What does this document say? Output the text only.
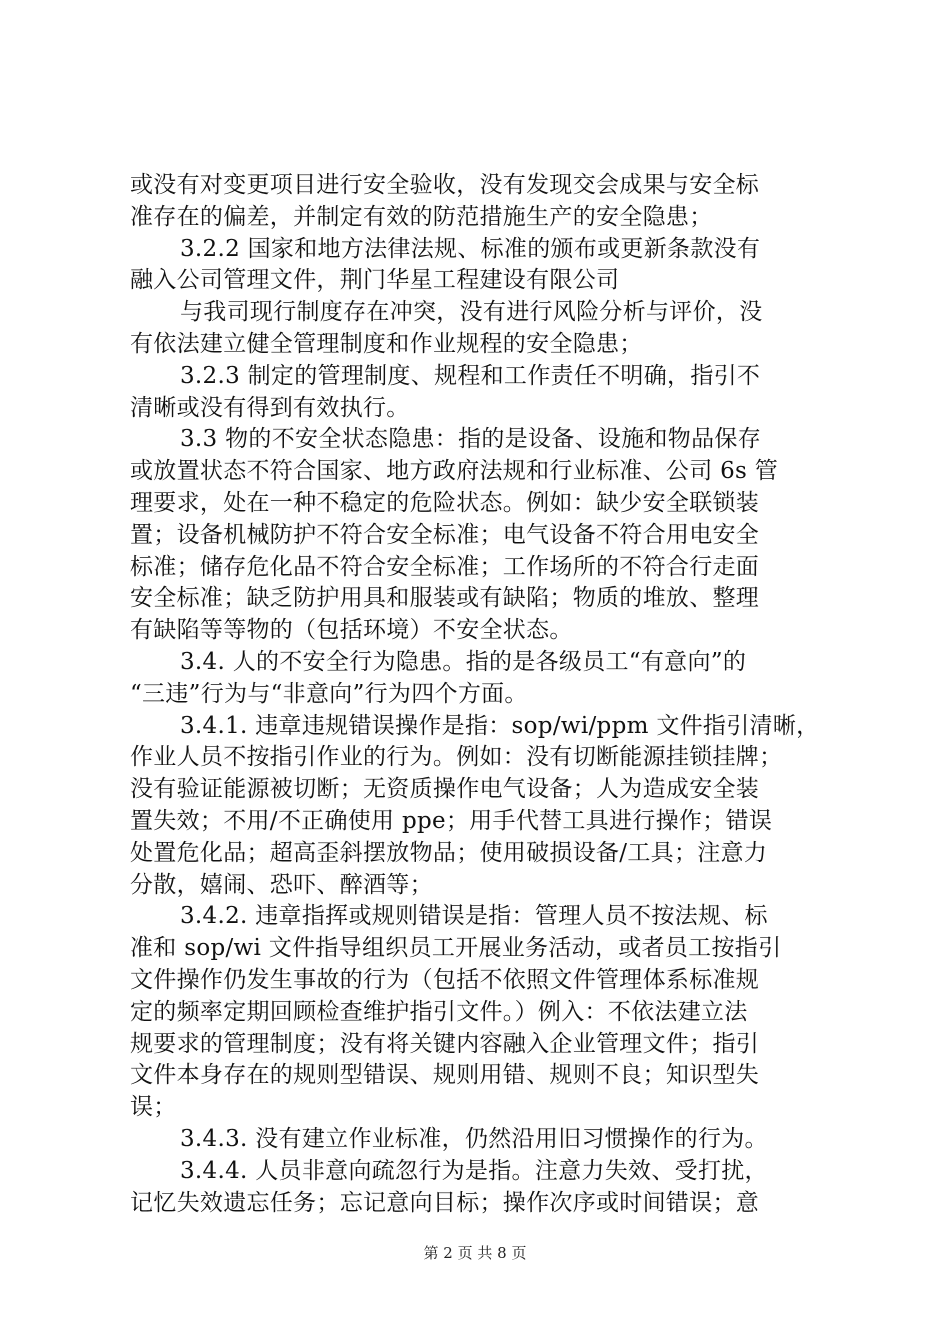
或没有对变更项目进行安全验收，没有发现交会成果与安全标
准存在的偏差，并制定有效的防范措施生产的安全隐患；
3.2.2 国家和地方法律法规、标准的颁布或更新条款没有
融入公司管理文件，荆门华星工程建设有限公司
与我司现行制度存在冲突，没有进行风险分析与评价，没
有依法建立健全管理制度和作业规程的安全隐患；
3.2.3 制定的管理制度、规程和工作责任不明确，指引不
清晰或没有得到有效执行。
3.3 物的不安全状态隐患：指的是设备、设施和物品保存
或放置状态不符合国家、地方政府法规和行业标准、公司 6s 管
理要求，处在一种不稳定的危险状态。例如：缺少安全联锁装
置；设备机械防护不符合安全标准；电气设备不符合用电安全
标准；储存危化品不符合安全标准；工作场所的不符合行走面
安全标准；缺乏防护用具和服装或有缺陷；物质的堆放、整理
有缺陷等等物的（包括环境）不安全状态。
3.4. 人的不安全行为隐患。指的是各级员工“有意向”的
“三违”行为与“非意向”行为四个方面。
3.4.1. 违章违规错误操作是指：sop/wi/ppm 文件指引清晰，
作业人员不按指引作业的行为。例如：没有切断能源挂锁挂牌；
没有验证能源被切断；无资质操作电气设备；人为造成安全装
置失效；不用/不正确使用 ppe；用手代替工具进行操作；错误
处置危化品；超高歪斜摆放物品；使用破损设备/工具；注意力
分散，嬉闹、恐吓、醉酒等；
3.4.2. 违章指挥或规则错误是指：管理人员不按法规、标
准和 sop/wi 文件指导组织员工开展业务活动，或者员工按指引
文件操作仍发生事故的行为（包括不依照文件管理体系标准规
定的频率定期回顾检查维护指引文件。）例入：不依法建立法
规要求的管理制度；没有将关键内容融入企业管理文件；指引
文件本身存在的规则型错误、规则用错、规则不良；知识型失
误；
3.4.3. 没有建立作业标准，仍然沿用旧习惯操作的行为。
3.4.4. 人员非意向疏忽行为是指。注意力失效、受打扰，
记忆失效遗忘任务；忘记意向目标；操作次序或时间错误；意
第 2 页 共 8 页
